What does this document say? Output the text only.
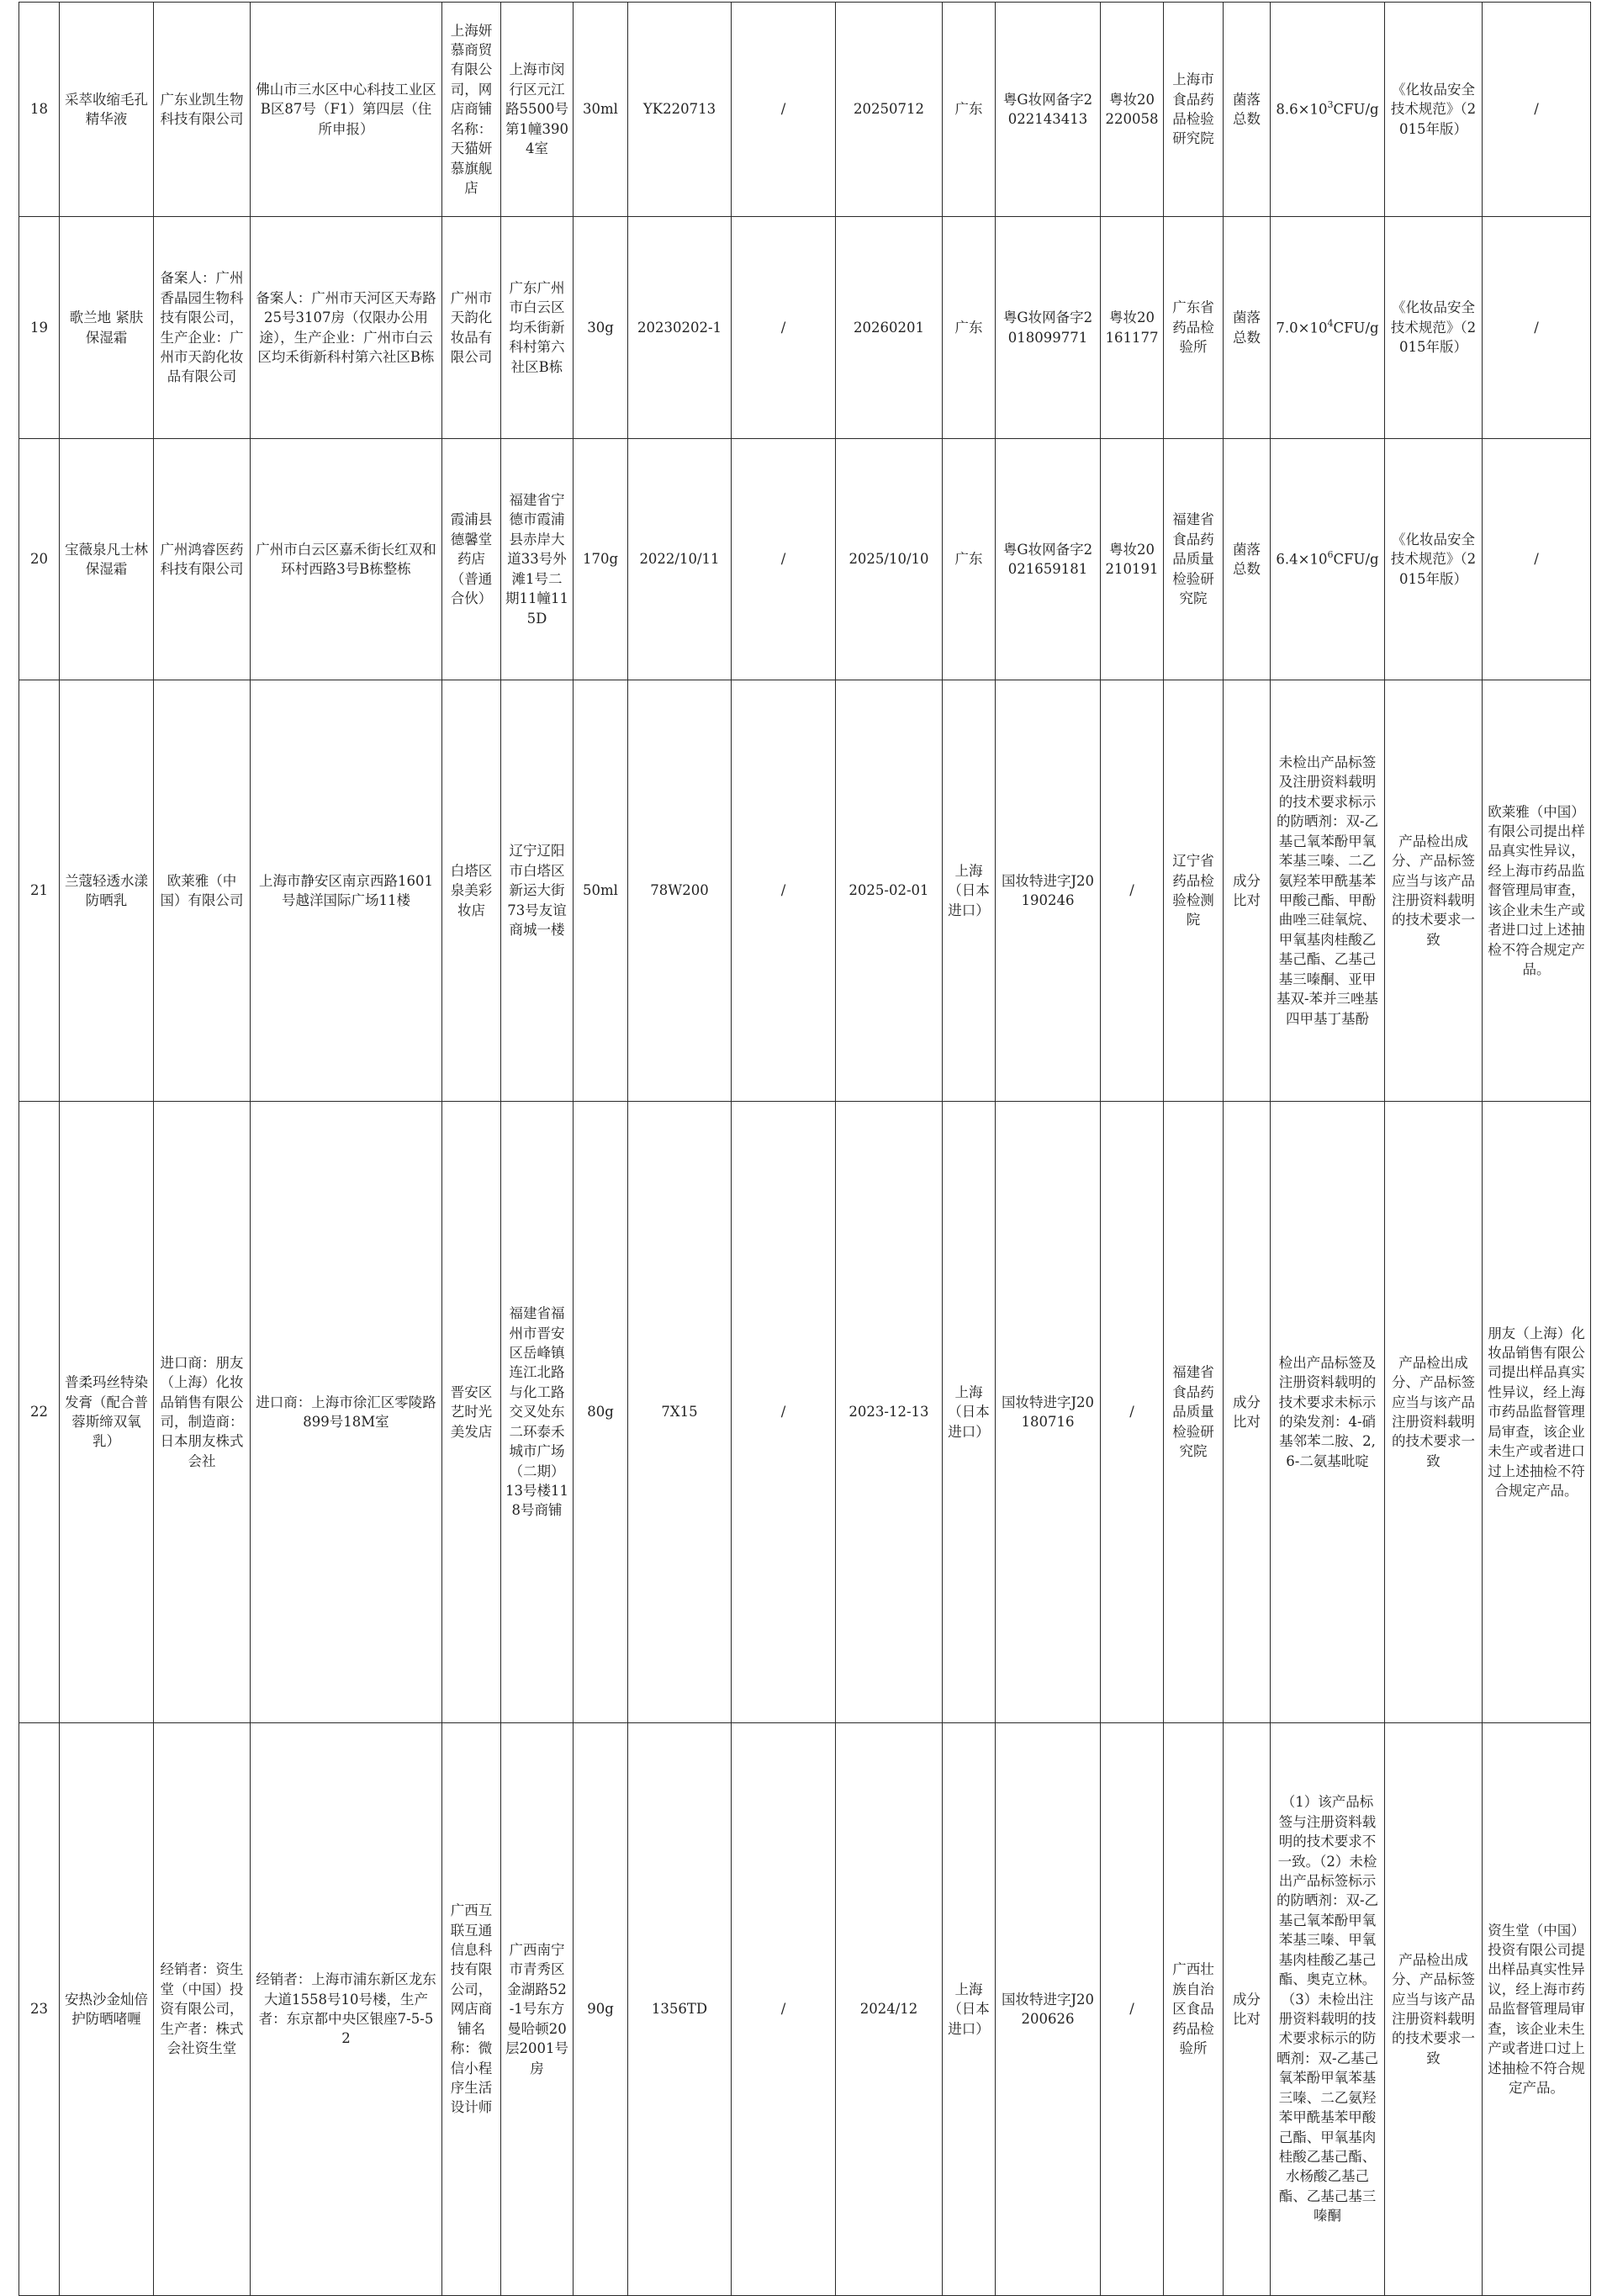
18	采萃收缩毛孔精华液	广东业凯生物科技有限公司	佛山市三水区中心科技工业区B区87号（F1）第四层（住所申报）	上海妍慕商贸有限公司，网店商铺名称：天猫妍慕旗舰店	上海市闵行区元江路5500号第1幢3904室	30ml	YK220713	/	20250712	广东	粤G妆网备字2022143413	粤妆20220058	上海市食品药品检验研究院	菌落总数	$8.6\times 10^3CFU/g$	《化妆品安全技术规范》（2015年版）	/
19	歌兰地 紧肤保湿霜	备案人：广州香晶园生物科技有限公司，生产企业：广州市天韵化妆品有限公司	备案人：广州市天河区天寿路25号3107房（仅限办公用途），生产企业：广州市白云区均禾街新科村第六社区B栋	广州市天韵化妆品有限公司	广东广州市白云区均禾街新科村第六社区B栋	30g	20230202-1	/	20260201	广东	粤G妆网备字2018099771	粤妆20161177	广东省药品检验所	菌落总数	$7.0\times 10^4CFU/g$	《化妆品安全技术规范》（2015年版）	/
20	宝薇泉凡士林保湿霜	广州鸿睿医药科技有限公司	广州市白云区嘉禾街长红双和环村西路3号B栋整栋	霞浦县德馨堂药店（普通合伙）	福建省宁德市霞浦县赤岸大道33号外滩1号二期11幢115D	170g	2022/10/11	/	2025/10/10	广东	粤G妆网备字2021659181	粤妆20210191	福建省食品药品质量检验研究院	菌落总数	$6.4\times 10^6CFU/g$	《化妆品安全技术规范》（2015年版）	/
21	兰蔻轻透水漾防晒乳	欧莱雅（中国）有限公司	上海市静安区南京西路1601号越洋国际广场11楼	白塔区泉美彩妆店	辽宁辽阳市白塔区新运大街73号友谊商城一楼	50ml	78W200	/	2025-02-01	上海（日本进口）	国妆特进字J20190246	/	辽宁省药品检验检测院	成分比对	未检出产品标签及注册资料载明的技术要求标示的防晒剂：双-乙基己氧苯酚甲氧苯基三嗪、二乙氨羟苯甲酰基苯甲酸己酯、甲酚曲唑三硅氧烷、甲氧基肉桂酸乙基己酯、乙基己基三嗪酮、亚甲基双-苯并三唑基四甲基丁基酚	产品检出成分、产品标签应当与该产品注册资料载明的技术要求一致	欧莱雅（中国）有限公司提出样品真实性异议，经上海市药品监督管理局审查，该企业未生产或者进口过上述抽检不符合规定产品。
22	普柔玛丝特染发膏（配合普蓉斯缔双氧乳）	进口商：朋友（上海）化妆品销售有限公司，制造商：日本朋友株式会社	进口商：上海市徐汇区零陵路899号18M室	晋安区艺时光美发店	福建省福州市晋安区岳峰镇连江北路与化工路交叉处东二环泰禾城市广场（二期）13号楼118号商铺	80g	7X15	/	2023-12-13	上海（日本进口）	国妆特进字J20180716	/	福建省食品药品质量检验研究院	成分比对	检出产品标签及注册资料载明的技术要求未标示的染发剂：4-硝基邻苯二胺、2,6-二氨基吡啶	产品检出成分、产品标签应当与该产品注册资料载明的技术要求一致	朋友（上海）化妆品销售有限公司提出样品真实性异议，经上海市药品监督管理局审查，该企业未生产或者进口过上述抽检不符合规定产品。
23	安热沙金灿倍护防晒啫喱	经销者：资生堂（中国）投资有限公司，生产者：株式会社资生堂	经销者：上海市浦东新区龙东大道1558号10号楼，生产者：东京都中央区银座7-5-52	广西互联互通信息科技有限公司，网店商铺名称：微信小程序生活设计师	广西南宁市青秀区金湖路52-1号东方曼哈顿20层2001号房	90g	1356TD	/	2024/12	上海（日本进口）	国妆特进字J20200626	/	广西壮族自治区食品药品检验所	成分比对	（1）该产品标签与注册资料载明的技术要求不一致。（2）未检出产品标签标示的防晒剂：双-乙基己氧苯酚甲氧苯基三嗪、甲氧基肉桂酸乙基己酯、奥克立林。（3）未检出注册资料载明的技术要求标示的防晒剂：双-乙基己氧苯酚甲氧苯基三嗪、二乙氨羟苯甲酰基苯甲酸己酯、甲氧基肉桂酸乙基己酯、水杨酸乙基己酯、乙基己基三嗪酮	产品检出成分、产品标签应当与该产品注册资料载明的技术要求一致	资生堂（中国）投资有限公司提出样品真实性异议，经上海市药品监督管理局审查，该企业未生产或者进口过上述抽检不符合规定产品。
